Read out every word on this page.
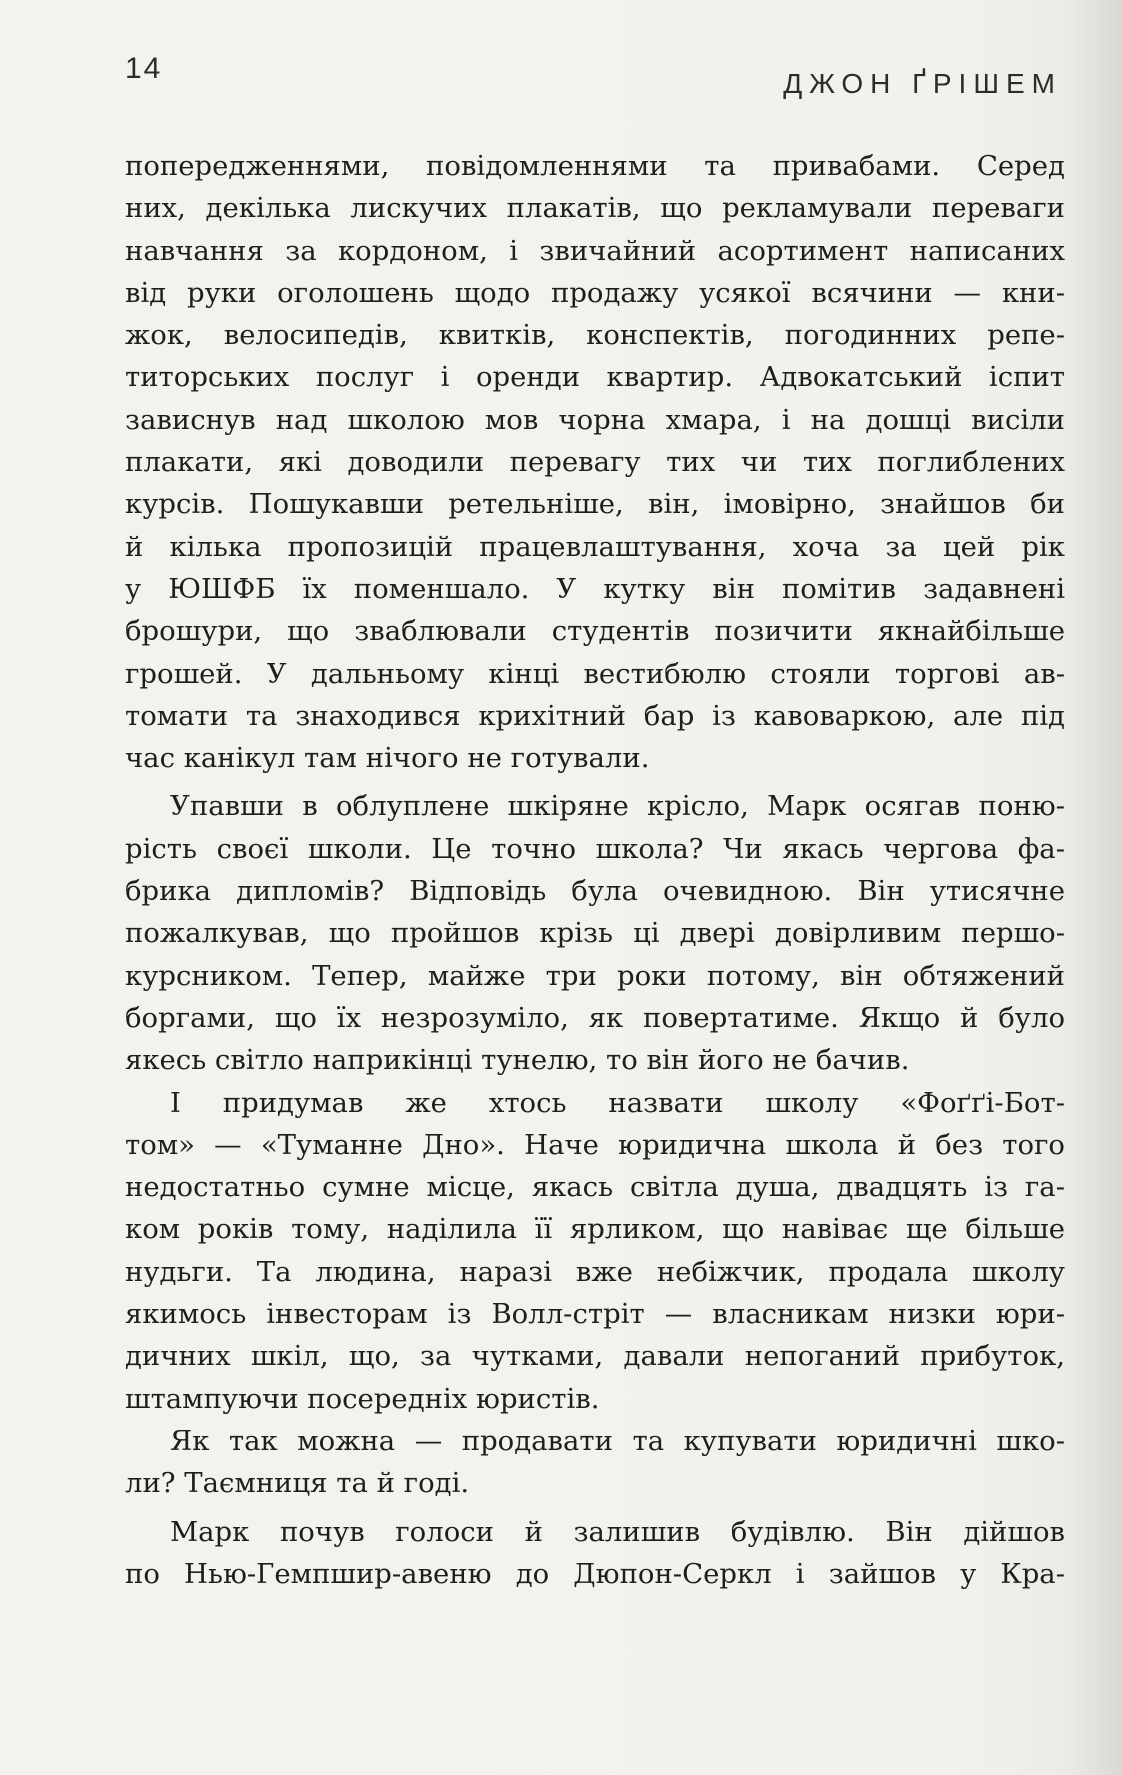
14	ДЖОН ҐРІШЕМ
попередженнями, повідомленнями та привабами. Серед
них, декілька лискучих плакатів, що рекламували переваги
навчання за кордоном, і звичайний асортимент написаних
від руки оголошень щодо продажу усякої всячини — кни-
жок, велосипедів, квитків, конспектів, погодинних репе-
титорських послуг і оренди квартир. Адвокатський іспит
зависнув над школою мов чорна хмара, і на дошці висіли
плакати, які доводили перевагу тих чи тих поглиблених
курсів. Пошукавши ретельніше, він, імовірно, знайшов би
й кілька пропозицій працевлаштування, хоча за цей рік
у ЮШФБ їх поменшало. У кутку він помітив задавнені
брошури, що зваблювали студентів позичити якнайбільше
грошей. У дальньому кінці вестибюлю стояли торгові ав-
томати та знаходився крихітний бар із кавоваркою, але під
час канікул там нічого не готували.
Упавши в облуплене шкіряне крісло, Марк осягав поню-
рість своєї школи. Це точно школа? Чи якась чергова фа-
брика дипломів? Відповідь була очевидною. Він утисячне
пожалкував, що пройшов крізь ці двері довірливим першо-
курсником. Тепер, майже три роки потому, він обтяжений
боргами, що їх незрозуміло, як повертатиме. Якщо й було
якесь світло наприкінці тунелю, то він його не бачив.
І придумав же хтось назвати школу «Фоґґі-Бот-
том» — «Туманне Дно». Наче юридична школа й без того
недостатньо сумне місце, якась світла душа, двадцять із га-
ком років тому, наділила її ярликом, що навіває ще більше
нудьги. Та людина, наразі вже небіжчик, продала школу
якимось інвесторам із Волл-стріт — власникам низки юри-
дичних шкіл, що, за чутками, давали непоганий прибуток,
штампуючи посередніх юристів.
Як так можна — продавати та купувати юридичні шко-
ли? Таємниця та й годі.
Марк почув голоси й залишив будівлю. Він дійшов
по Нью-Гемпшир-авеню до Дюпон-Серкл і зайшов у Кра-
